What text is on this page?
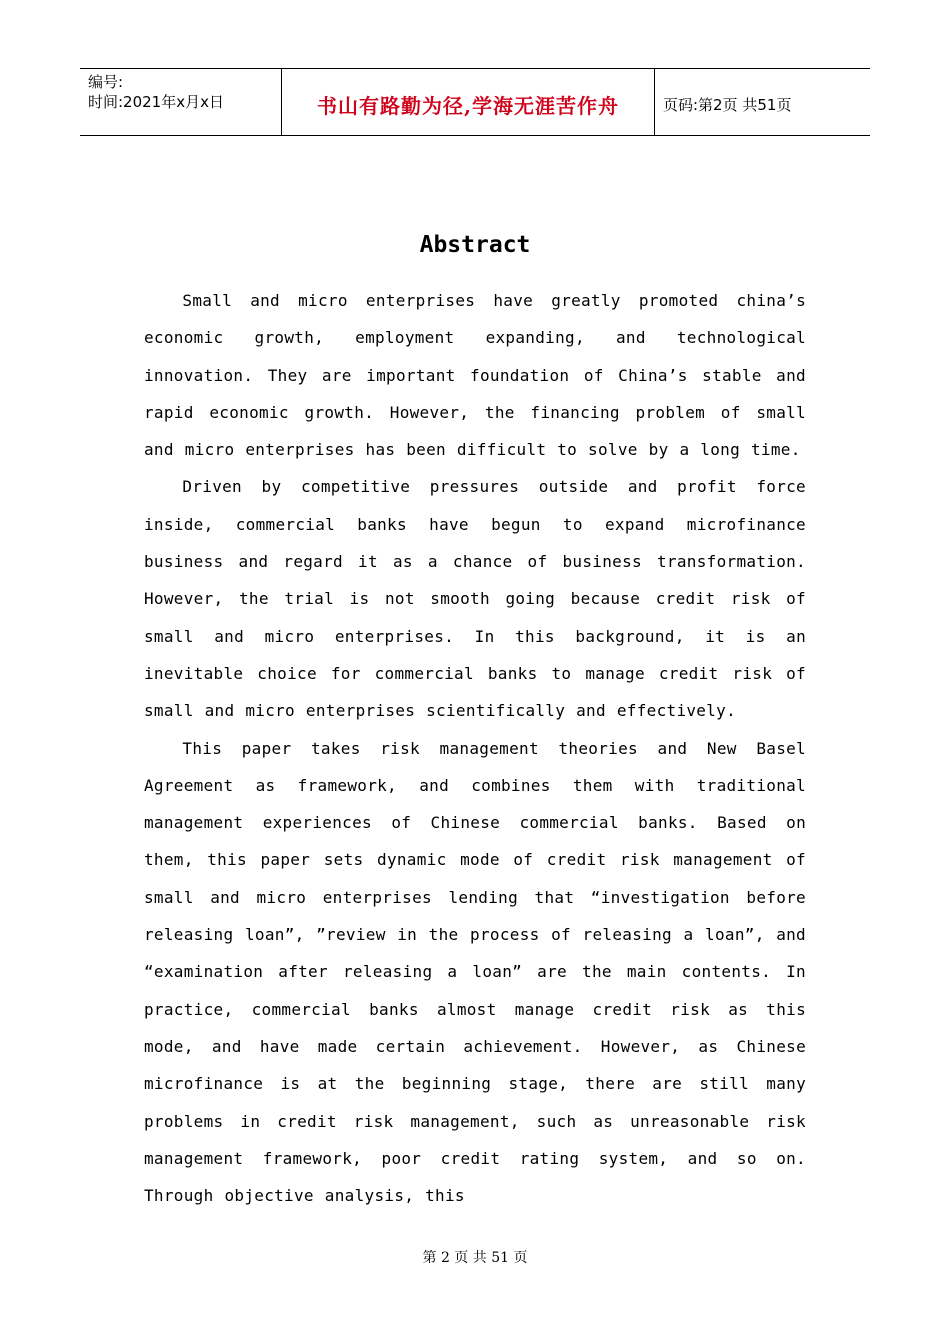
编号:
时间:2021年x月x日	书山有路勤为径,学海无涯苦作舟	页码:第2页 共51页
Abstract

Small and micro enterprises have greatly promoted china’s economic growth, employment expanding, and technological innovation. They are important foundation of China’s stable and rapid economic growth. However, the financing problem of small and micro enterprises has been difficult to solve by a long time.

Driven by competitive pressures outside and profit force inside, commercial banks have begun to expand microfinance business and regard it as a chance of business transformation. However, the trial is not smooth going because credit risk of small and micro enterprises. In this background, it is an inevitable choice for commercial banks to manage credit risk of small and micro enterprises scientifically and effectively.

This paper takes risk management theories and New Basel Agreement as framework, and combines them with traditional management experiences of Chinese commercial banks. Based on them, this paper sets dynamic mode of credit risk management of small and micro enterprises lending that “investigation before releasing loan”, ”review in the process of releasing a loan”, and “examination after releasing a loan” are the main contents. In practice, commercial banks almost manage credit risk as this mode, and have made certain achievement. However, as Chinese microfinance is at the beginning stage, there are still many problems in credit risk management, such as unreasonable risk management framework, poor credit rating system, and so on. Through objective analysis, this

第 2 页 共 51 页
